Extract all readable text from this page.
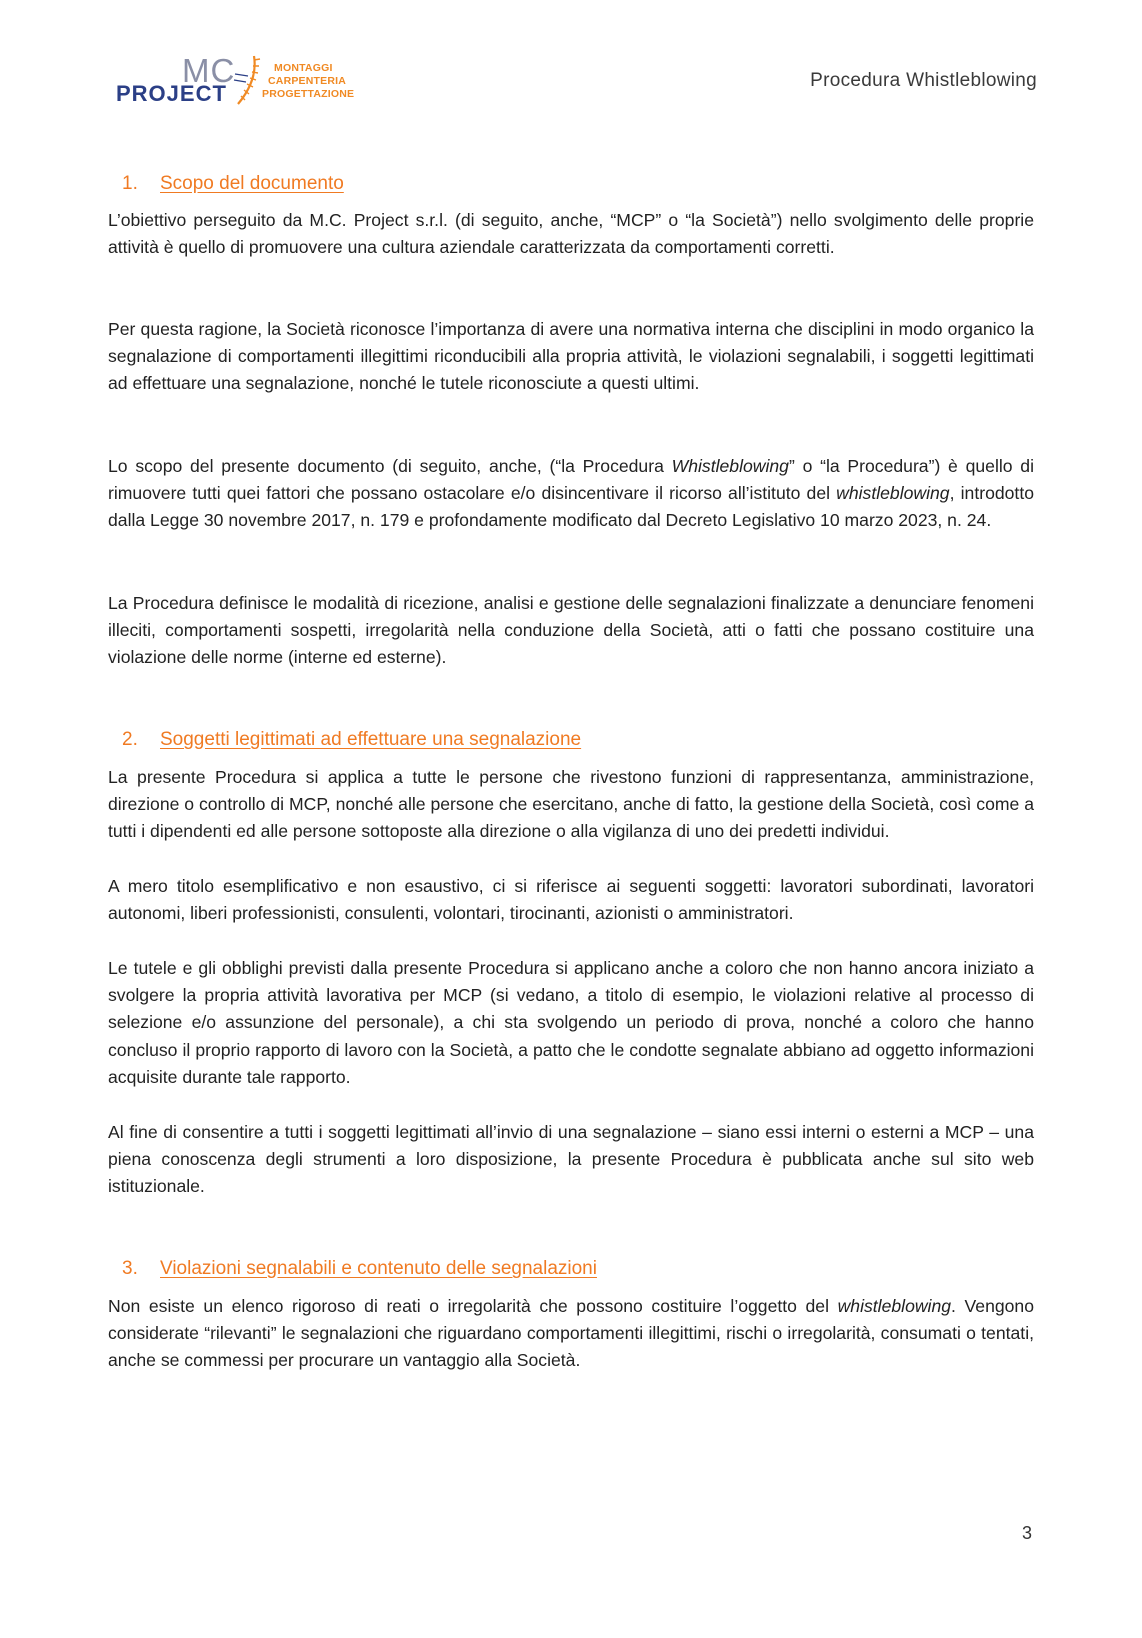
MC
PROJECT
MONTAGGI
CARPENTERIA
PROGETTAZIONE
Procedura Whistleblowing
1. Scopo del documento
L’obiettivo perseguito da M.C. Project s.r.l. (di seguito, anche, “MCP” o “la Società”) nello svolgimento delle proprie attività è quello di promuovere una cultura aziendale caratterizzata da comportamenti corretti.
Per questa ragione, la Società riconosce l’importanza di avere una normativa interna che disciplini in modo organico la segnalazione di comportamenti illegittimi riconducibili alla propria attività, le violazioni segnalabili, i soggetti legittimati ad effettuare una segnalazione, nonché le tutele riconosciute a questi ultimi.
Lo scopo del presente documento (di seguito, anche, (“la Procedura Whistleblowing” o “la Procedura”) è quello di rimuovere tutti quei fattori che possano ostacolare e/o disincentivare il ricorso all’istituto del whistleblowing, introdotto dalla Legge 30 novembre 2017, n. 179 e profondamente modificato dal Decreto Legislativo 10 marzo 2023, n. 24.
La Procedura definisce le modalità di ricezione, analisi e gestione delle segnalazioni finalizzate a denunciare fenomeni illeciti, comportamenti sospetti, irregolarità nella conduzione della Società, atti o fatti che possano costituire una violazione delle norme (interne ed esterne).
2. Soggetti legittimati ad effettuare una segnalazione
La presente Procedura si applica a tutte le persone che rivestono funzioni di rappresentanza, amministrazione, direzione o controllo di MCP, nonché alle persone che esercitano, anche di fatto, la gestione della Società, così come a tutti i dipendenti ed alle persone sottoposte alla direzione o alla vigilanza di uno dei predetti individui.
A mero titolo esemplificativo e non esaustivo, ci si riferisce ai seguenti soggetti: lavoratori subordinati, lavoratori autonomi, liberi professionisti, consulenti, volontari, tirocinanti, azionisti o amministratori.
Le tutele e gli obblighi previsti dalla presente Procedura si applicano anche a coloro che non hanno ancora iniziato a svolgere la propria attività lavorativa per MCP (si vedano, a titolo di esempio, le violazioni relative al processo di selezione e/o assunzione del personale), a chi sta svolgendo un periodo di prova, nonché a coloro che hanno concluso il proprio rapporto di lavoro con la Società, a patto che le condotte segnalate abbiano ad oggetto informazioni acquisite durante tale rapporto.
Al fine di consentire a tutti i soggetti legittimati all’invio di una segnalazione – siano essi interni o esterni a MCP – una piena conoscenza degli strumenti a loro disposizione, la presente Procedura è pubblicata anche sul sito web istituzionale.
3. Violazioni segnalabili e contenuto delle segnalazioni
Non esiste un elenco rigoroso di reati o irregolarità che possono costituire l’oggetto del whistleblowing. Vengono considerate “rilevanti” le segnalazioni che riguardano comportamenti illegittimi, rischi o irregolarità, consumati o tentati, anche se commessi per procurare un vantaggio alla Società.
3
